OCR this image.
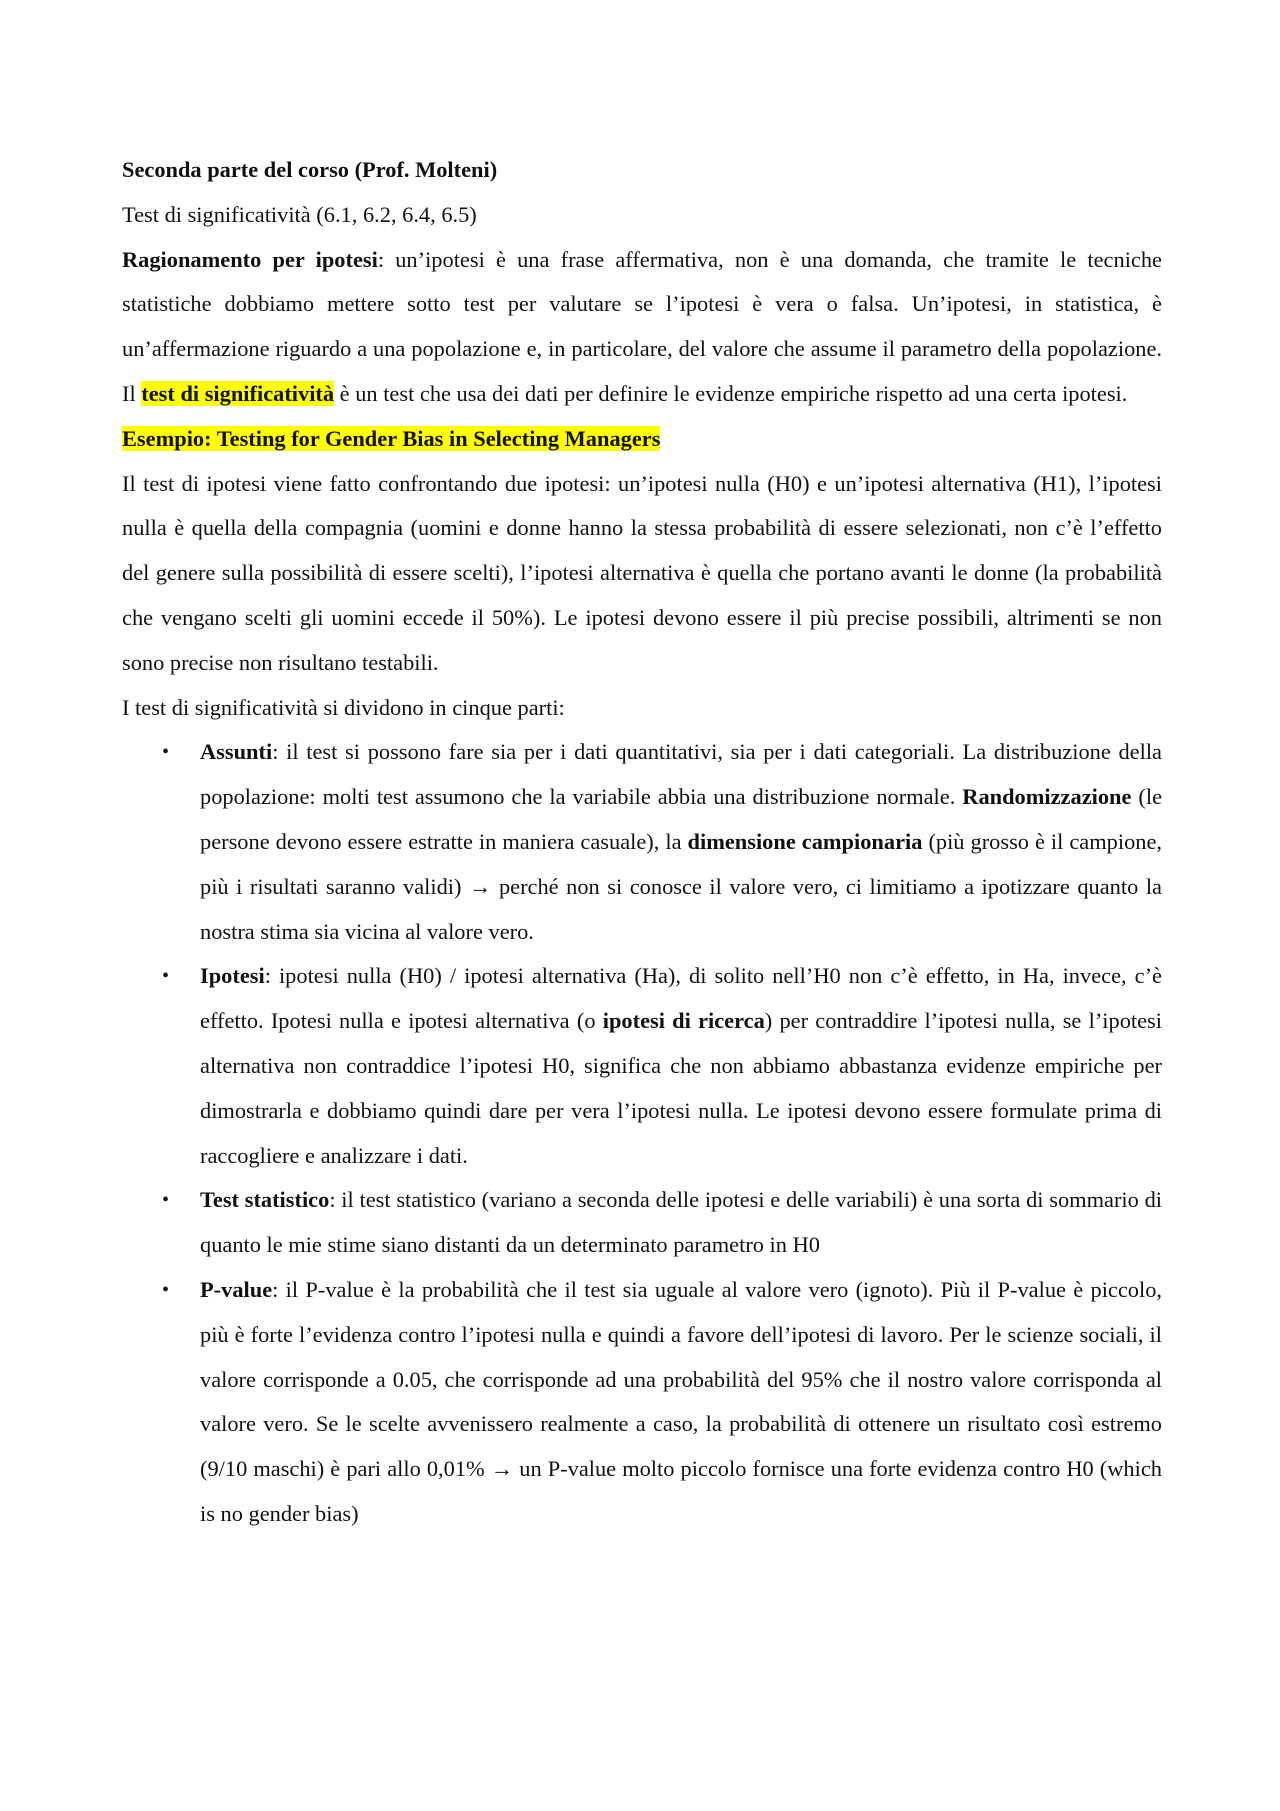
Seconda parte del corso (Prof. Molteni)

Test di significatività (6.1, 6.2, 6.4, 6.5)

Ragionamento per ipotesi: un’ipotesi è una frase affermativa, non è una domanda, che tramite le tecniche statistiche dobbiamo mettere sotto test per valutare se l’ipotesi è vera o falsa. Un’ipotesi, in statistica, è un’affermazione riguardo a una popolazione e, in particolare, del valore che assume il parametro della popolazione. Il test di significatività è un test che usa dei dati per definire le evidenze empiriche rispetto ad una certa ipotesi.

Esempio: Testing for Gender Bias in Selecting Managers

Il test di ipotesi viene fatto confrontando due ipotesi: un’ipotesi nulla (H0) e un’ipotesi alternativa (H1), l’ipotesi nulla è quella della compagnia (uomini e donne hanno la stessa probabilità di essere selezionati, non c’è l’effetto del genere sulla possibilità di essere scelti), l’ipotesi alternativa è quella che portano avanti le donne (la probabilità che vengano scelti gli uomini eccede il 50%). Le ipotesi devono essere il più precise possibili, altrimenti se non sono precise non risultano testabili.

I test di significatività si dividono in cinque parti:

• Assunti: il test si possono fare sia per i dati quantitativi, sia per i dati categoriali. La distribuzione della popolazione: molti test assumono che la variabile abbia una distribuzione normale. Randomizzazione (le persone devono essere estratte in maniera casuale), la dimensione campionaria (più grosso è il campione, più i risultati saranno validi) → perché non si conosce il valore vero, ci limitiamo a ipotizzare quanto la nostra stima sia vicina al valore vero.
• Ipotesi: ipotesi nulla (H0) / ipotesi alternativa (Ha), di solito nell’H0 non c’è effetto, in Ha, invece, c’è effetto. Ipotesi nulla e ipotesi alternativa (o ipotesi di ricerca) per contraddire l’ipotesi nulla, se l’ipotesi alternativa non contraddice l’ipotesi H0, significa che non abbiamo abbastanza evidenze empiriche per dimostrarla e dobbiamo quindi dare per vera l’ipotesi nulla. Le ipotesi devono essere formulate prima di raccogliere e analizzare i dati.
• Test statistico: il test statistico (variano a seconda delle ipotesi e delle variabili) è una sorta di sommario di quanto le mie stime siano distanti da un determinato parametro in H0
• P-value: il P-value è la probabilità che il test sia uguale al valore vero (ignoto). Più il P-value è piccolo, più è forte l’evidenza contro l’ipotesi nulla e quindi a favore dell’ipotesi di lavoro. Per le scienze sociali, il valore corrisponde a 0.05, che corrisponde ad una probabilità del 95% che il nostro valore corrisponda al valore vero. Se le scelte avvenissero realmente a caso, la probabilità di ottenere un risultato così estremo (9/10 maschi) è pari allo 0,01% → un P-value molto piccolo fornisce una forte evidenza contro H0 (which is no gender bias)
